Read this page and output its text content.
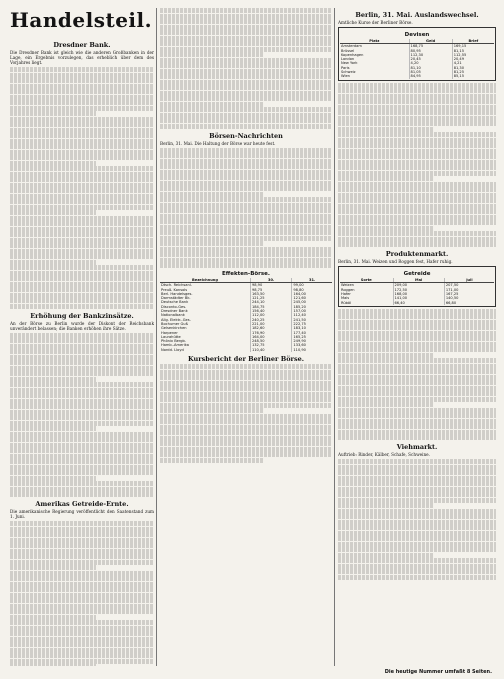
Handelsteil.
Dresdner Bank.

Die Dresdner Bank ist gleich wie die anderen Großbanken in der Lage, ein Ergebnis vorzulegen, das erheblich über dem des Vorjahres liegt.

Erhöhung der Bankzinsätze.

An der Börse zu Berlin wurde der Diskont der Reichsbank unverändert belassen; die Banken erhöhen ihre Sätze.

Amerikas Getreide-Ernte.

Die amerikanische Regierung veröffentlicht den Saatenstand zum 1. Juni.

Börsen-Nachrichten

Berlin, 31. Mai. Die Haltung der Börse war heute fest.

Effekten-Börse.
Bezeichnung	30.	31.
Dtsch. Reichsanl.	98,90	99,00
Preuß. Konsols	98,75	98,80
Berl. Handelsges.	163,50	164,00
Darmstädter Bk.	121,25	121,60
Deutsche Bank	244,10	245,00
Disconto-Ges.	184,75	185,20
Dresdner Bank	156,40	157,00
Nationalbank	112,00	112,40
Allg. Elektr.-Ges.	240,25	241,50
Bochumer Guß	221,00	222,75
Gelsenkirchen	182,60	183,10
Harpener	176,90	177,40
Laurahütte	164,00	165,25
Phönix Bergb.	248,50	249,90
Hamb.-Amerika	132,75	133,60
Nordd. Lloyd	110,40	110,90
Kursbericht der Berliner Börse.
Berlin, 31. Mai. Auslandswechsel.

Amtliche Kurse der Berliner Börse.

Devisen
Platz	Geld	Brief
Amsterdam	168,75	169,15
Brüssel	80,95	81,15
Kopenhagen	112,30	112,55
London	20,45	20,49
New York	4,20	4,21
Paris	81,10	81,30
Schweiz	81,05	81,25
Wien	84,95	85,15
Produktenmarkt.

Berlin, 31. Mai. Weizen und Roggen fest, Hafer ruhig.

Getreide
Sorte	Mai	Juli
Weizen	209,00	207,50
Roggen	172,50	171,00
Hafer	168,00	167,25
Mais	141,00	140,50
Rüböl	66,40	66,80
Viehmarkt.

Auftrieb: Rinder, Kälber, Schafe, Schweine.

Die heutige Nummer umfaßt 8 Seiten.
